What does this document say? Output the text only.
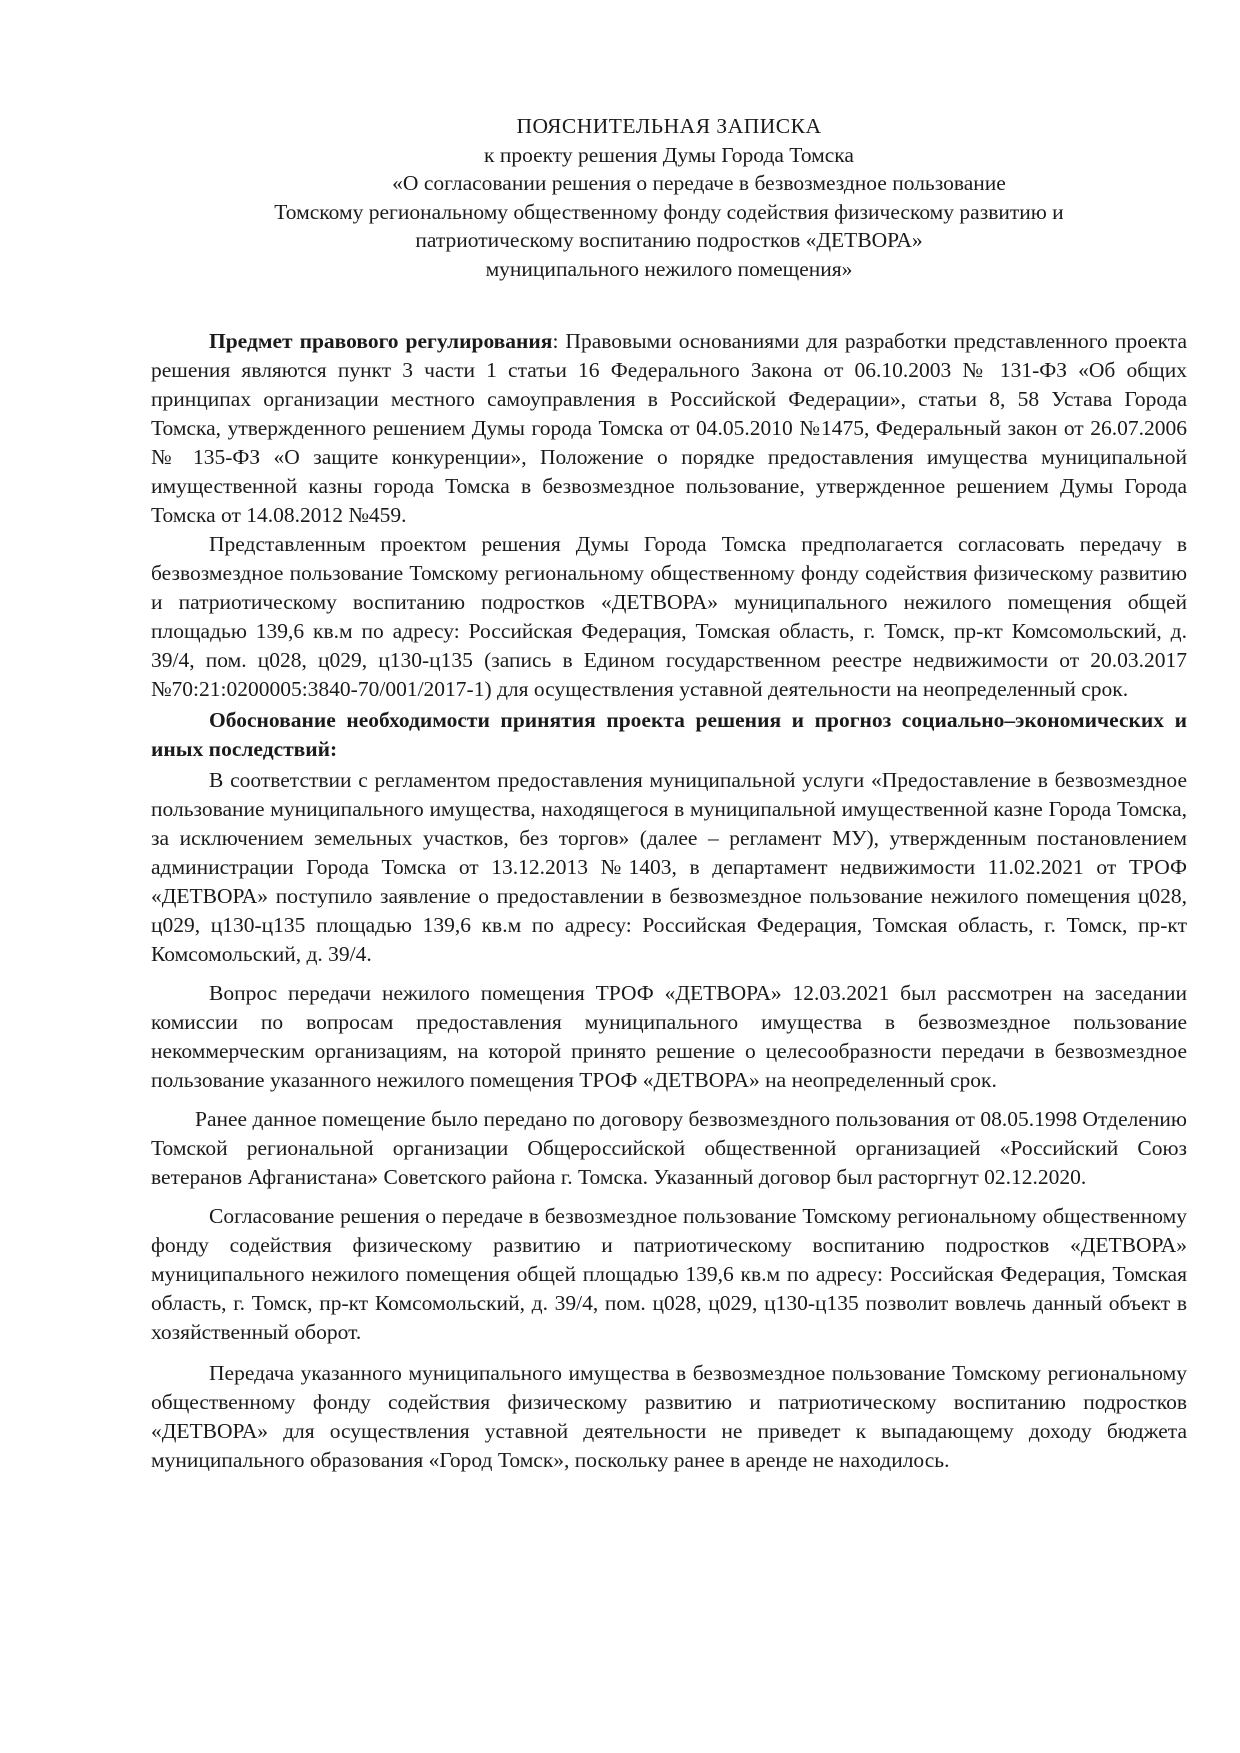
ПОЯСНИТЕЛЬНАЯ ЗАПИСКА
к проекту решения Думы Города Томска
«О согласовании решения о передаче в безвозмездное пользование
Томскому региональному общественному фонду содействия физическому развитию и
патриотическому воспитанию подростков «ДЕТВОРА»
муниципального нежилого помещения»

Предмет правового регулирования: Правовыми основаниями для разработки представленного проекта решения являются пункт 3 части 1 статьи 16 Федерального Закона от 06.10.2003 № 131-ФЗ «Об общих принципах организации местного самоуправления в Российской Федерации», статьи 8, 58 Устава Города Томска, утвержденного решением Думы города Томска от 04.05.2010 №1475, Федеральный закон от 26.07.2006 № 135-ФЗ «О защите конкуренции», Положение о порядке предоставления имущества муниципальной имущественной казны города Томска в безвозмездное пользование, утвержденное решением Думы Города Томска от 14.08.2012 №459.

Представленным проектом решения Думы Города Томска предполагается согласовать передачу в безвозмездное пользование Томскому региональному общественному фонду содействия физическому развитию и патриотическому воспитанию подростков «ДЕТВОРА» муниципального нежилого помещения общей площадью 139,6 кв.м по адресу: Российская Федерация, Томская область, г. Томск, пр-кт Комсомольский, д. 39/4, пом. ц028, ц029, ц130-ц135 (запись в Едином государственном реестре недвижимости от 20.03.2017 №70:21:0200005:3840-70/001/2017-1) для осуществления уставной деятельности на неопределенный срок.

Обоснование необходимости принятия проекта решения и прогноз социально–экономических и иных последствий:

В соответствии с регламентом предоставления муниципальной услуги «Предоставление в безвозмездное пользование муниципального имущества, находящегося в муниципальной имущественной казне Города Томска, за исключением земельных участков, без торгов» (далее – регламент МУ), утвержденным постановлением администрации Города Томска от 13.12.2013 №1403, в департамент недвижимости 11.02.2021 от ТРОФ «ДЕТВОРА» поступило заявление о предоставлении в безвозмездное пользование нежилого помещения ц028, ц029, ц130-ц135 площадью 139,6 кв.м по адресу: Российская Федерация, Томская область, г. Томск, пр-кт Комсомольский, д. 39/4.

Вопрос передачи нежилого помещения ТРОФ «ДЕТВОРА» 12.03.2021 был рассмотрен на заседании комиссии по вопросам предоставления муниципального имущества в безвозмездное пользование некоммерческим организациям, на которой принято решение о целесообразности передачи в безвозмездное пользование указанного нежилого помещения ТРОФ «ДЕТВОРА» на неопределенный срок.

Ранее данное помещение было передано по договору безвозмездного пользования от 08.05.1998 Отделению Томской региональной организации Общероссийской общественной организацией «Российский Союз ветеранов Афганистана» Советского района г. Томска. Указанный договор был расторгнут 02.12.2020.

Согласование решения о передаче в безвозмездное пользование Томскому региональному общественному фонду содействия физическому развитию и патриотическому воспитанию подростков «ДЕТВОРА» муниципального нежилого помещения общей площадью 139,6 кв.м по адресу: Российская Федерация, Томская область, г. Томск, пр-кт Комсомольский, д. 39/4, пом. ц028, ц029, ц130-ц135 позволит вовлечь данный объект в хозяйственный оборот.

Передача указанного муниципального имущества в безвозмездное пользование Томскому региональному общественному фонду содействия физическому развитию и патриотическому воспитанию подростков «ДЕТВОРА» для осуществления уставной деятельности не приведет к выпадающему доходу бюджета муниципального образования «Город Томск», поскольку ранее в аренде не находилось.
